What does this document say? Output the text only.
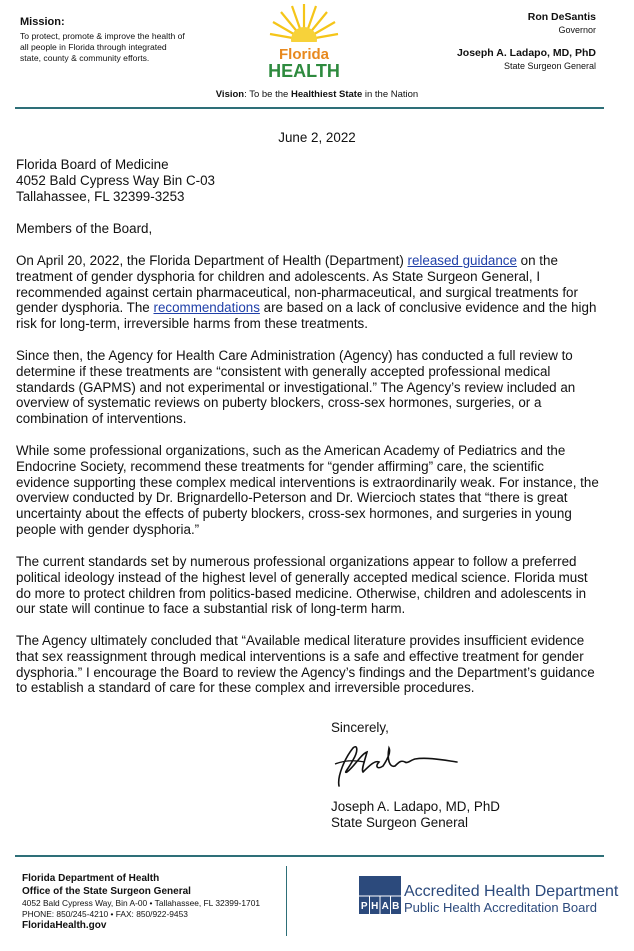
Mission:
To protect, promote & improve the health of all people in Florida through integrated state, county & community efforts.	Florida
HEALTH
Ron DeSantis
Governor
Joseph A. Ladapo, MD, PhD
State Surgeon General
Vision: To be the Healthiest State in the Nation
June 2, 2022

Florida Board of Medicine

4052 Bald Cypress Way Bin C-03

Tallahassee, FL 32399-3253

Members of the Board,
On April 20, 2022, the Florida Department of Health (Department) released guidance on the treatment of gender dysphoria for children and adolescents. As State Surgeon General, I recommended against certain pharmaceutical, non-pharmaceutical, and surgical treatments for gender dysphoria. The recommendations are based on a lack of conclusive evidence and the high risk for long-term, irreversible harms from these treatments.
Since then, the Agency for Health Care Administration (Agency) has conducted a full review to determine if these treatments are “consistent with generally accepted professional medical standards (GAPMS) and not experimental or investigational.” The Agency’s review included an overview of systematic reviews on puberty blockers, cross-sex hormones, surgeries, or a combination of interventions.
While some professional organizations, such as the American Academy of Pediatrics and the Endocrine Society, recommend these treatments for “gender affirming” care, the scientific evidence supporting these complex medical interventions is extraordinarily weak. For instance, the overview conducted by Dr. Brignardello-Peterson and Dr. Wiercioch states that “there is great uncertainty about the effects of puberty blockers, cross-sex hormones, and surgeries in young people with gender dysphoria.”
The current standards set by numerous professional organizations appear to follow a preferred political ideology instead of the highest level of generally accepted medical science. Florida must do more to protect children from politics-based medicine. Otherwise, children and adolescents in our state will continue to face a substantial risk of long-term harm.
The Agency ultimately concluded that “Available medical literature provides insufficient evidence that sex reassignment through medical interventions is a safe and effective treatment for gender dysphoria.” I encourage the Board to review the Agency’s findings and the Department’s guidance to establish a standard of care for these complex and irreversible procedures.
Sincerely,
Joseph A. Ladapo, MD, PhD
State Surgeon General
Florida Department of Health
Office of the State Surgeon General
4052 Bald Cypress Way, Bin A-00 • Tallahassee, FL 32399-1701
PHONE: 850/245-4210 • FAX: 850/922-9453
FloridaHealth.gov
P H A B
Accredited Health Department
Public Health Accreditation Board
